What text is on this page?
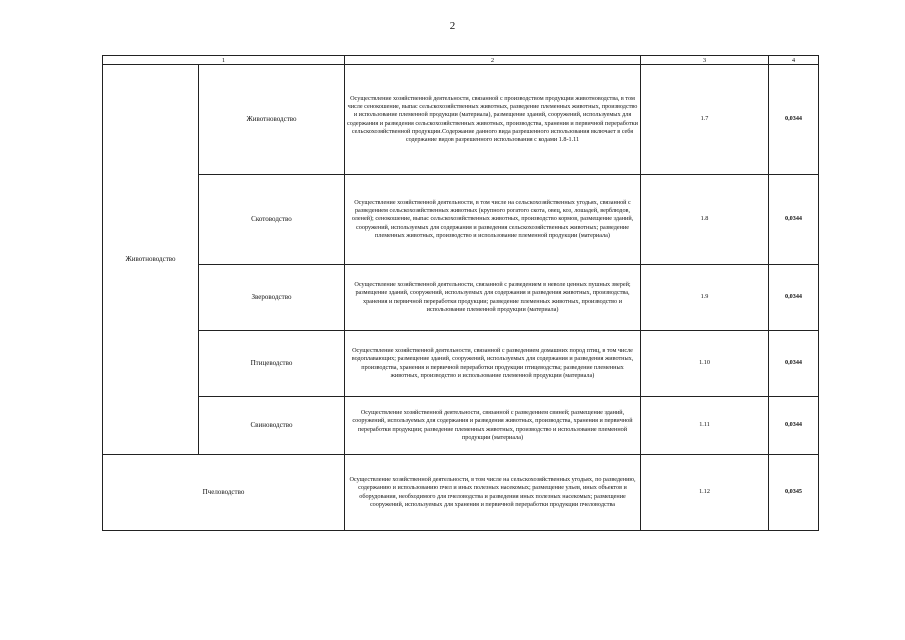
2
1		2	3	4
Животноводство	Животноводство	Осуществление хозяйственной деятельности, связанной с производством продукции животноводства, в том числе сенокошение, выпас сельскохозяйственных животных, разведение племенных животных, производство и использование племенной продукции (материала), размещение зданий, сооружений, используемых для содержания и разведения сельскохозяйственных животных, производства, хранения и первичной переработки сельскохозяйственной продукции.Содержание данного вида разрешенного использования включает в себя содержание видов разрешенного использования с кодами 1.8-1.11	1.7	0,0344
	Скотоводство	Осуществление хозяйственной деятельности, в том числе на сельскохозяйственных угодьях, связанной с разведением сельскохозяйственных животных (крупного рогатого скота, овец, коз, лошадей, верблюдов, оленей); сенокошение, выпас сельскохозяйственных животных, производство кормов, размещение зданий, сооружений, используемых для содержания и разведения сельскохозяйственных животных; разведение племенных животных, производство и использование племенной продукции (материала)	1.8	0,0344
	Звероводство	Осуществление хозяйственной деятельности, связанной с разведением в неволе ценных пушных зверей; размещение зданий, сооружений, используемых для содержания и разведения животных, производства, хранения и первичной переработки продукции; разведение племенных животных, производство и использование племенной продукции (материала)	1.9	0,0344
	Птицеводство	Осуществление хозяйственной деятельности, связанной с разведением домашних пород птиц, в том числе водоплавающих; размещение зданий, сооружений, используемых для содержания и разведения животных, производства, хранения и первичной переработки продукции птицеводства; разведение племенных животных, производство и использование племенной продукции (материала)	1.10	0,0344
	Свиноводство	Осуществление хозяйственной деятельности, связанной с разведением свиней; размещение зданий, сооружений, используемых для содержания и разведения животных, производства, хранения и первичной переработки продукции; разведение племенных животных, производство и использование племенной продукции (материала)	1.11	0,0344
Пчеловодство		Осуществление хозяйственной деятельности, в том числе на сельскохозяйственных угодьях, по разведению, содержанию и использованию пчел и иных полезных насекомых; размещение ульев, иных объектов и оборудования, необходимого для пчеловодства и разведения иных полезных насекомых; размещение сооружений, используемых для хранения и первичной переработки продукции пчеловодства	1.12	0,0345
